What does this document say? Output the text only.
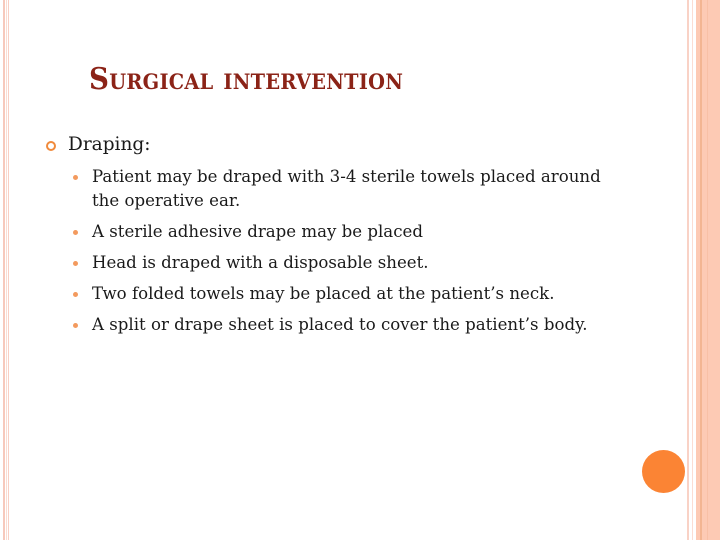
Surgical intervention
Draping:
Patient may be draped with 3-4 sterile towels placed around the operative ear.
A sterile adhesive drape may be placed
Head is draped with a disposable sheet.
Two folded towels may be placed at the patient’s neck.
A split or drape sheet is placed to cover the patient’s body.
